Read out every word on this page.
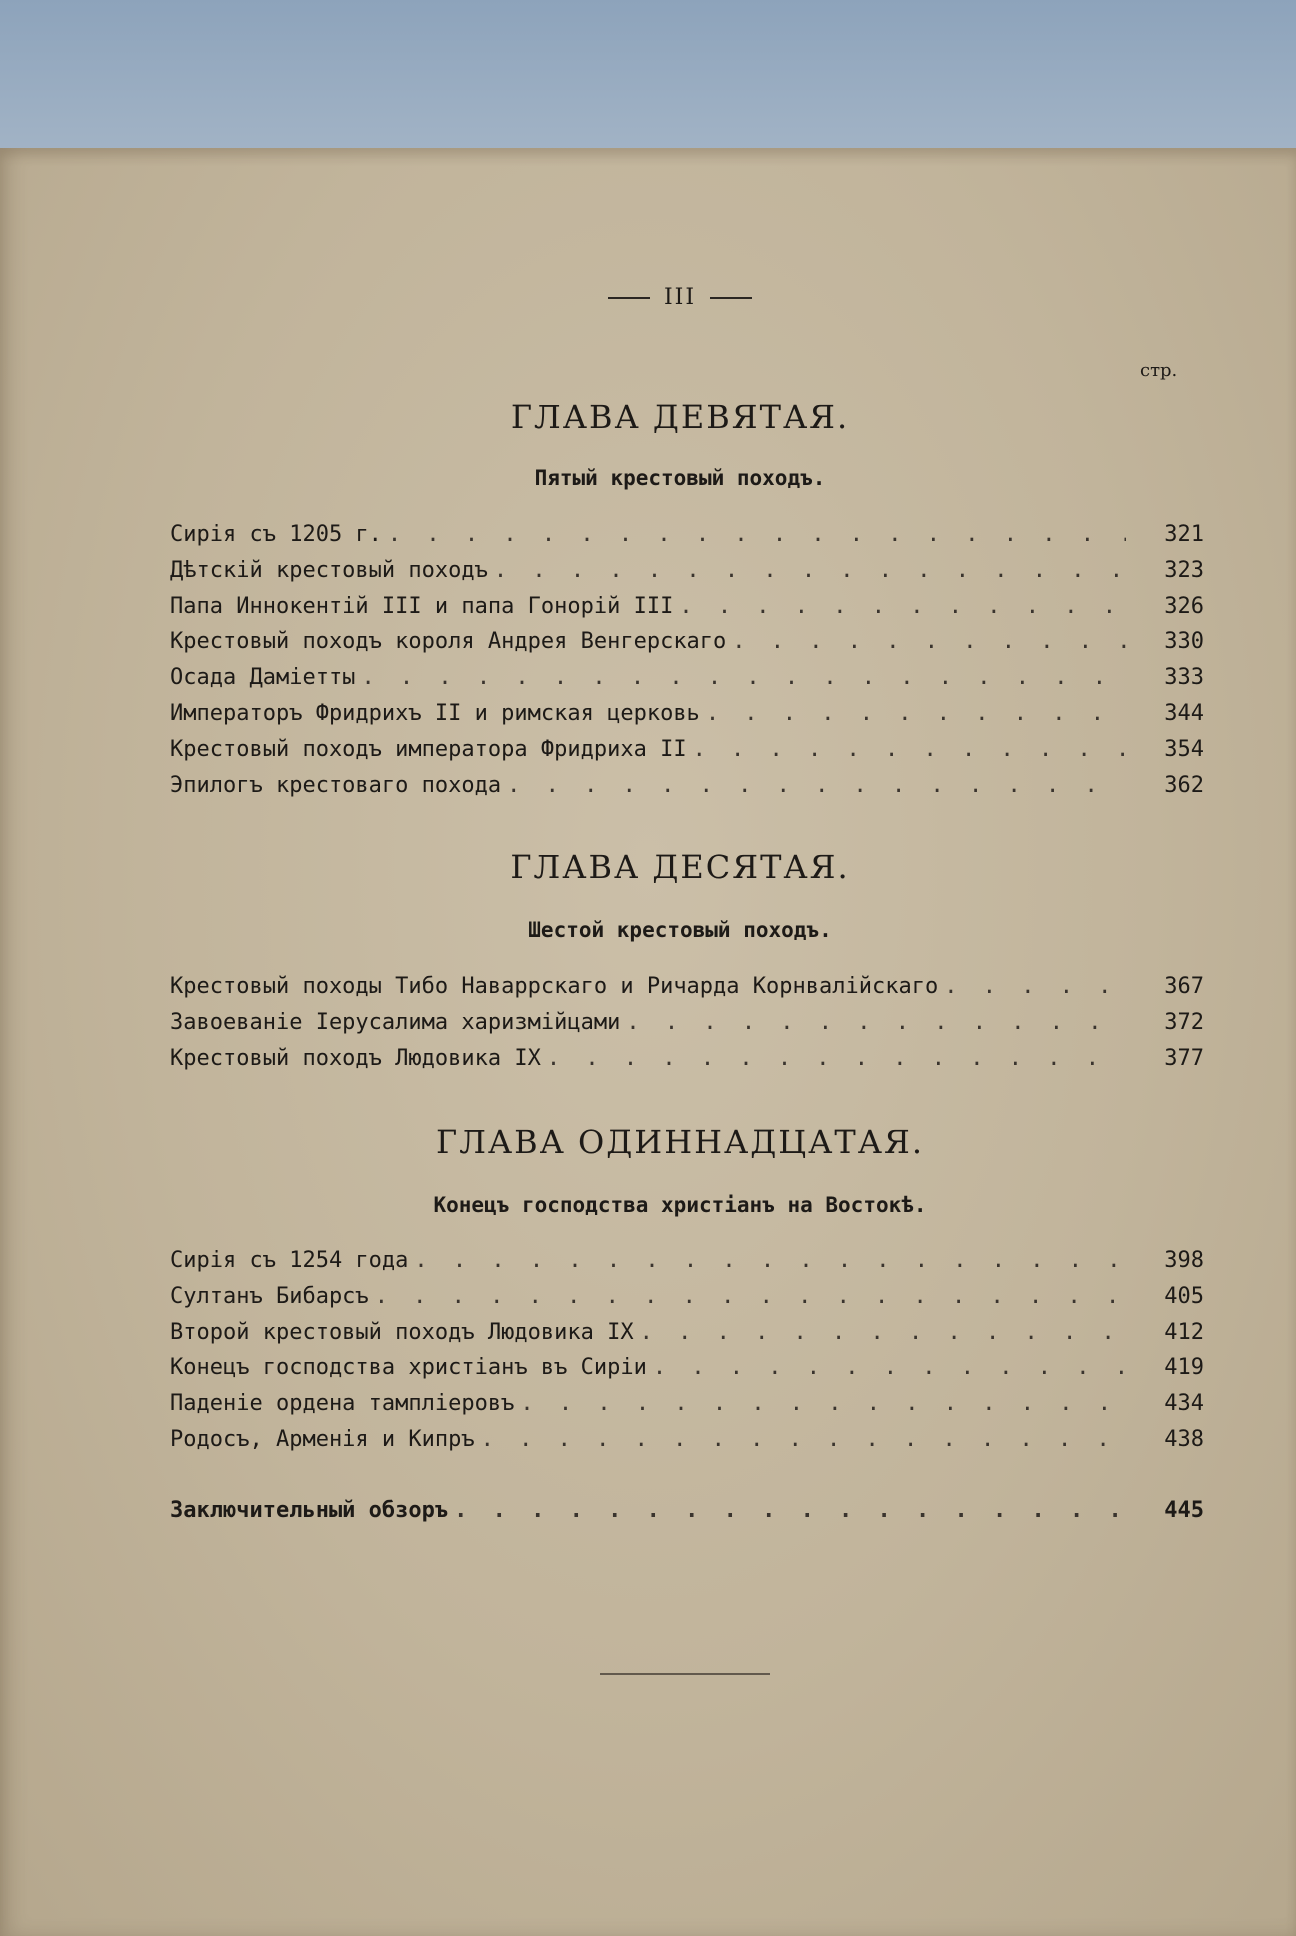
III
стр.
ГЛАВА ДЕВЯТАЯ.
Пятый крестовый походъ.
Сирія съ 1205 г. . . .	321
Дѣтскій крестовый походъ . . .	323
Папа Иннокентій III и папа Гонорій III . . .	326
Крестовый походъ короля Андрея Венгерскаго . . .	330
Осада Даміетты . . .	333
Императоръ Фридрихъ II и римская церковь . . .	344
Крестовый походъ императора Фридриха II . . .	354
Эпилогъ крестоваго похода . . .	362
ГЛАВА ДЕСЯТАЯ.
Шестой крестовый походъ.
Крестовый походы Тибо Наваррскаго и Ричарда Корнвалійскаго . . .	367
Завоеваніе Іерусалима харизмійцами . . .	372
Крестовый походъ Людовика IX . . .	377
ГЛАВА ОДИННАДЦАТАЯ.
Конецъ господства христіанъ на Востокѣ.
Сирія съ 1254 года . . .	398
Султанъ Бибарсъ . . .	405
Второй крестовый походъ Людовика IX . . .	412
Конецъ господства христіанъ въ Сиріи . . .	419
Паденіе ордена тампліеровъ . . .	434
Родосъ, Арменія и Кипръ . . .	438
Заключительный обзоръ . . .	445
